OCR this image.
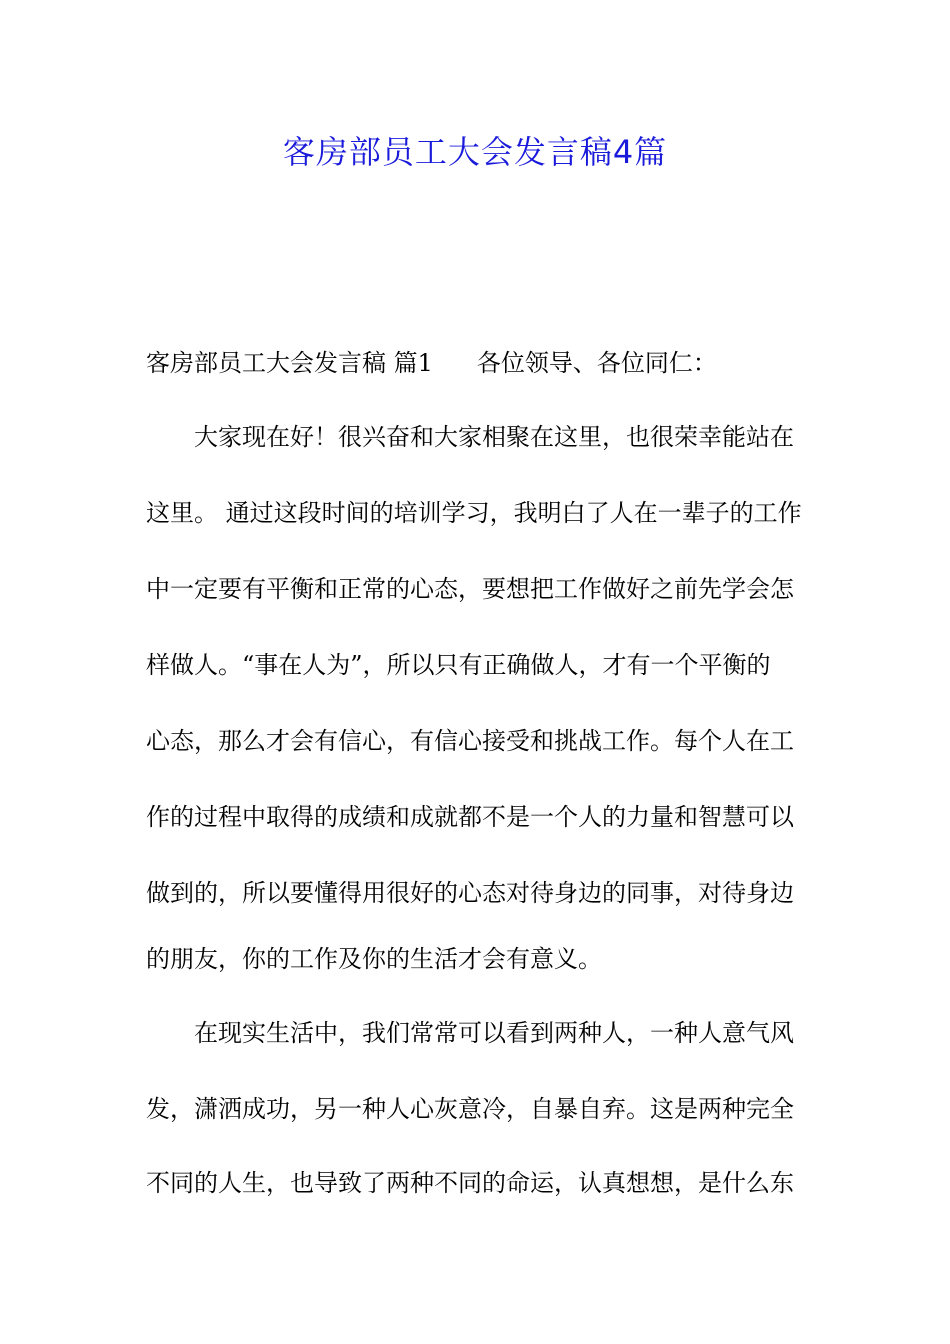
客房部员工大会发言稿4篇
客房部员工大会发言稿 篇1 各位领导、各位同仁：
大家现在好！很兴奋和大家相聚在这里，也很荣幸能站在
这里。 通过这段时间的培训学习，我明白了人在一辈子的工作
中一定要有平衡和正常的心态，要想把工作做好之前先学会怎
样做人。“事在人为”，所以只有正确做人，才有一个平衡的
心态，那么才会有信心，有信心接受和挑战工作。每个人在工
作的过程中取得的成绩和成就都不是一个人的力量和智慧可以
做到的，所以要懂得用很好的心态对待身边的同事，对待身边
的朋友，你的工作及你的生活才会有意义。
在现实生活中，我们常常可以看到两种人，一种人意气风
发，潇洒成功，另一种人心灰意冷，自暴自弃。这是两种完全
不同的人生，也导致了两种不同的命运，认真想想，是什么东
